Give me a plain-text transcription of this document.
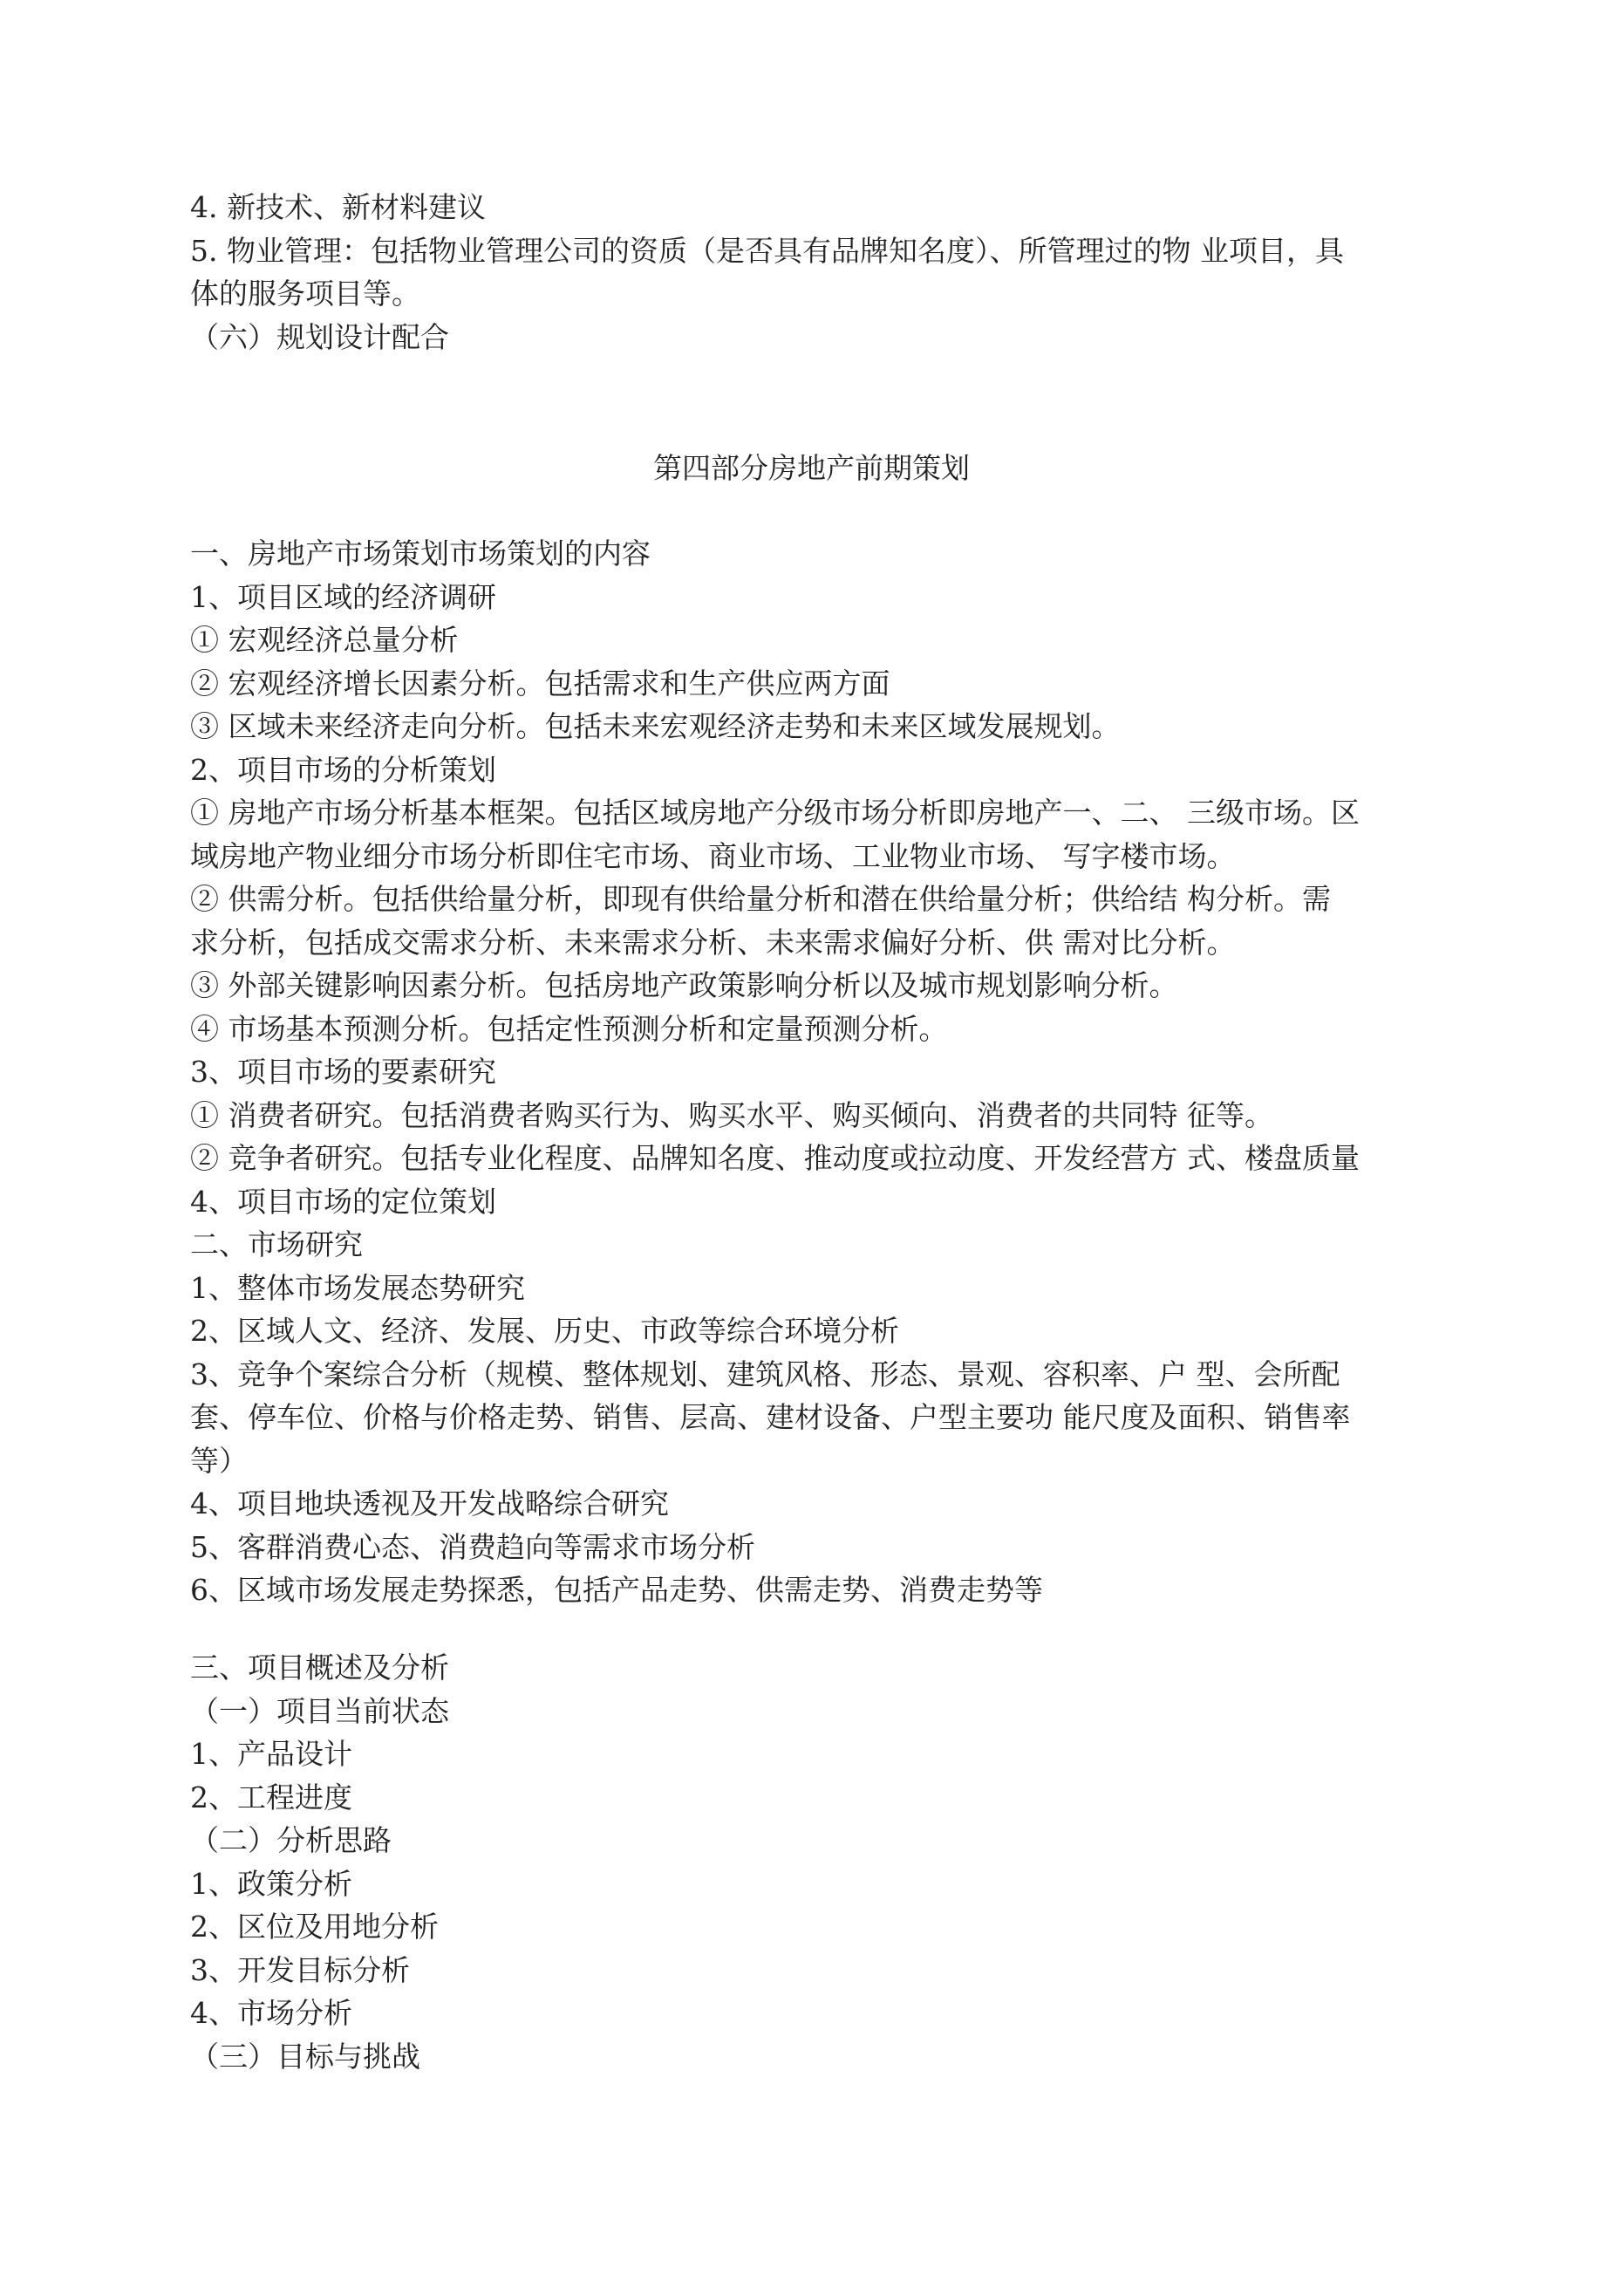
4. 新技术、新材料建议

5. 物业管理：包括物业管理公司的资质（是否具有品牌知名度）、所管理过的物 业项目，具

体的服务项目等。

（六）规划设计配合

第四部分房地产前期策划

一、房地产市场策划市场策划的内容

1、项目区域的经济调研

① 宏观经济总量分析

② 宏观经济增长因素分析。包括需求和生产供应两方面

③ 区域未来经济走向分析。包括未来宏观经济走势和未来区域发展规划。

2、项目市场的分析策划

① 房地产市场分析基本框架。包括区域房地产分级市场分析即房地产一、二、 三级市场。区

域房地产物业细分市场分析即住宅市场、商业市场、工业物业市场、 写字楼市场。

② 供需分析。包括供给量分析，即现有供给量分析和潜在供给量分析；供给结 构分析。需

求分析，包括成交需求分析、未来需求分析、未来需求偏好分析、供 需对比分析。

③ 外部关键影响因素分析。包括房地产政策影响分析以及城市规划影响分析。

④ 市场基本预测分析。包括定性预测分析和定量预测分析。

3、项目市场的要素研究

① 消费者研究。包括消费者购买行为、购买水平、购买倾向、消费者的共同特 征等。

② 竞争者研究。包括专业化程度、品牌知名度、推动度或拉动度、开发经营方 式、楼盘质量

4、项目市场的定位策划

二、市场研究

1、整体市场发展态势研究

2、区域人文、经济、发展、历史、市政等综合环境分析

3、竞争个案综合分析（规模、整体规划、建筑风格、形态、景观、容积率、户 型、会所配

套、停车位、价格与价格走势、销售、层高、建材设备、户型主要功 能尺度及面积、销售率

等）

4、项目地块透视及开发战略综合研究

5、客群消费心态、消费趋向等需求市场分析

6、区域市场发展走势探悉，包括产品走势、供需走势、消费走势等

三、项目概述及分析

（一）项目当前状态

1、产品设计

2、工程进度

（二）分析思路

1、政策分析

2、区位及用地分析

3、开发目标分析

4、市场分析

（三）目标与挑战
